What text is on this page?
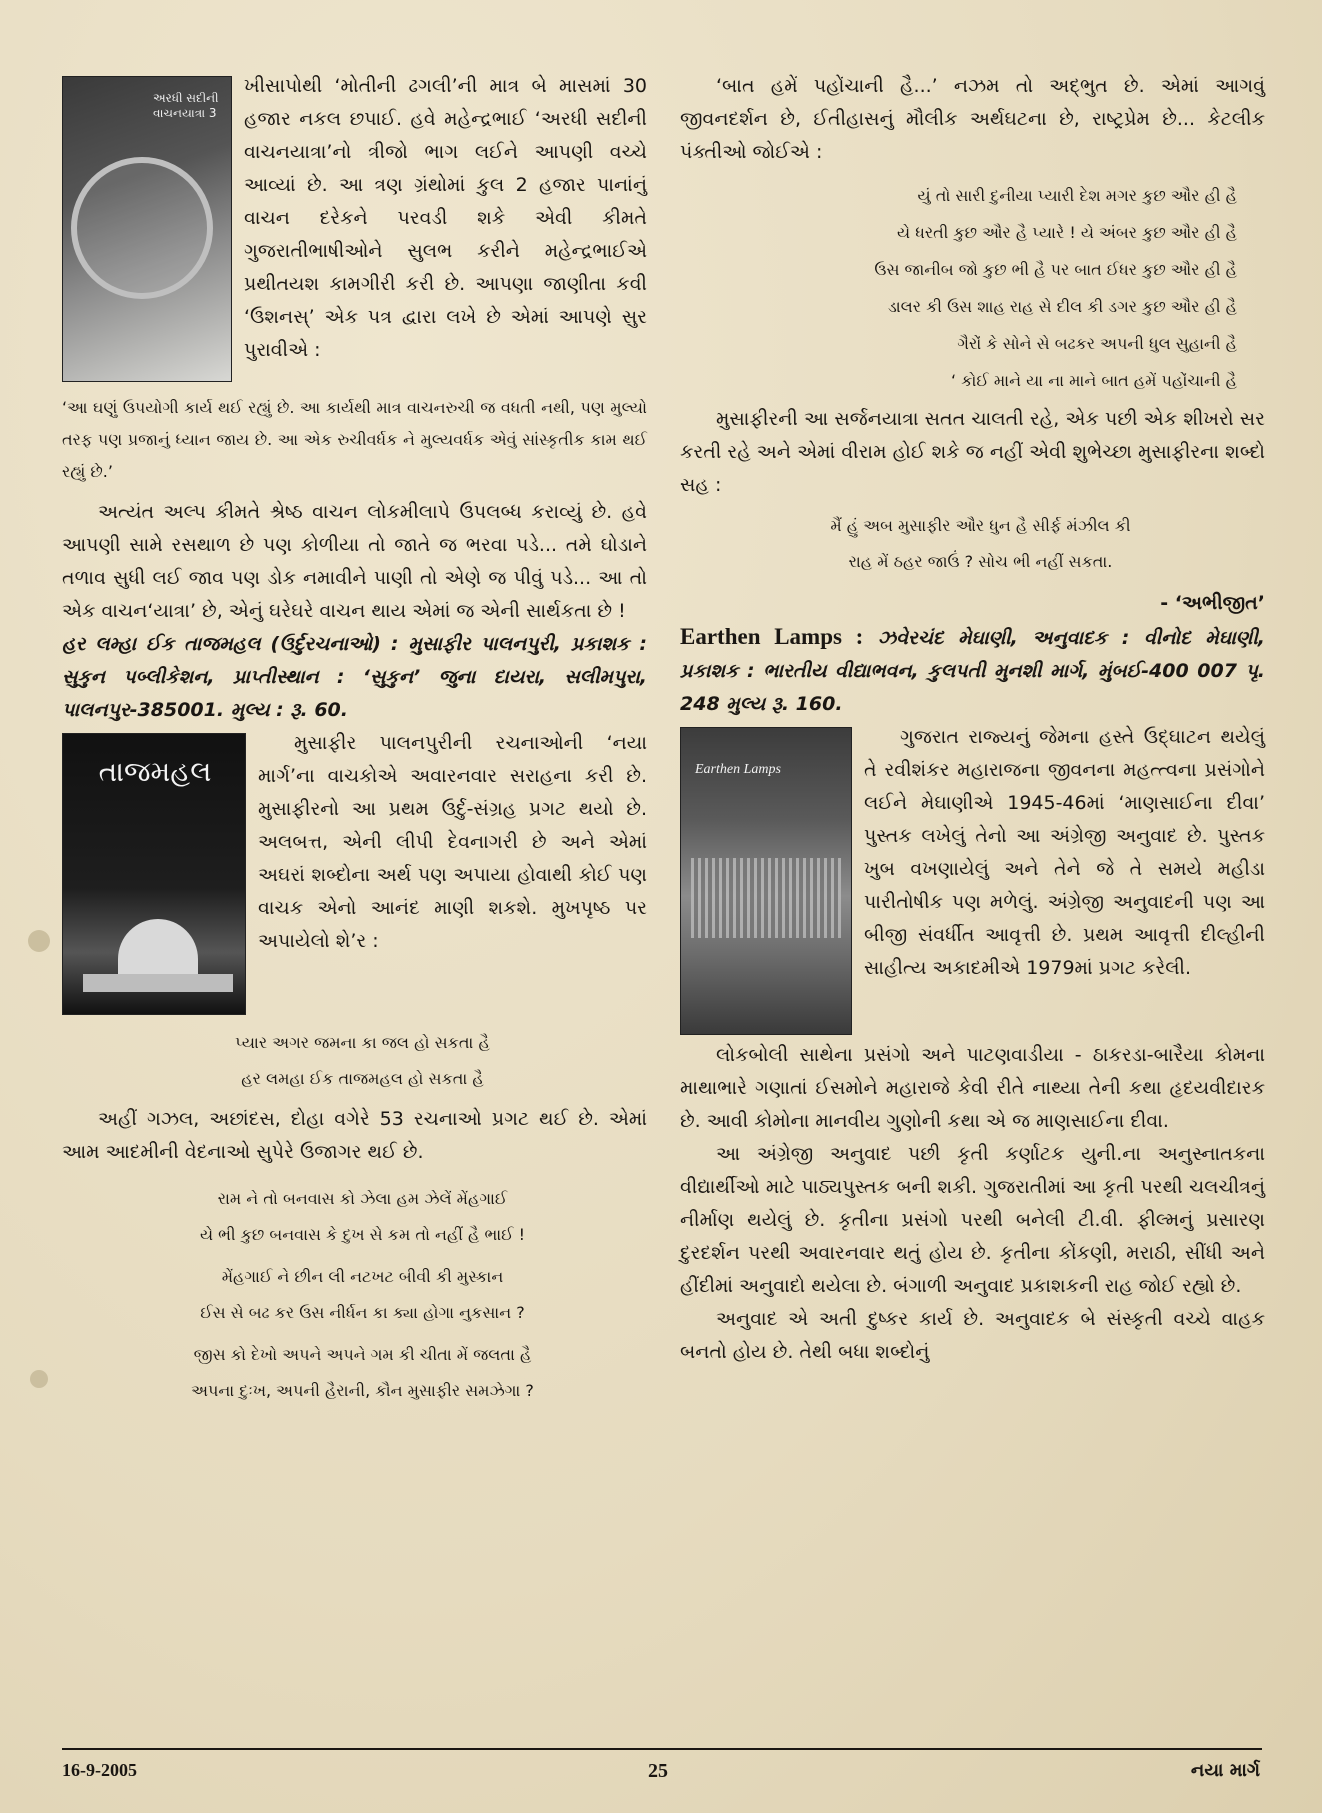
અરધી સદીની
વાચનયાત્રા 3

ખીસાપોથી ‘મોતીની ઢગલી’ની માત્ર બે માસમાં 30 હજાર નકલ છપાઈ. હવે મહેન્દ્રભાઈ ‘અરધી સદીની વાચનયાત્રા’નો ત્રીજો ભાગ લઈને આપણી વચ્ચે આવ્યાં છે. આ ત્રણ ગ્રંથોમાં કુલ 2 હજાર પાનાંનું વાચન દરેકને પરવડી શકે એવી કીમતે ગુજરાતીભાષીઓને સુલભ કરીને મહેન્દ્રભાઈએ પ્રથીતયશ કામગીરી કરી છે. આપણા જાણીતા કવી ‘ઉશનસ્’ એક પત્ર દ્વારા લખે છે એમાં આપણે સુર પુરાવીએ :

‘આ ઘણું ઉપયોગી કાર્ય થઈ રહ્યું છે. આ કાર્યથી માત્ર વાચનરુચી જ વધતી નથી, પણ મુલ્યો તરફ પણ પ્રજાનું ધ્યાન જાય છે. આ એક રુચીવર્ધક ને મુલ્યવર્ધક એવું સાંસ્કૃતીક કામ થઈ રહ્યું છે.’

અત્યંત અલ્પ કીમતે શ્રેષ્ઠ વાચન લોકમીલાપે ઉપલબ્ધ કરાવ્યું છે. હવે આપણી સામે રસથાળ છે પણ કોળીયા તો જાતે જ ભરવા પડે... તમે ઘોડાને તળાવ સુધી લઈ જાવ પણ ડોક નમાવીને પાણી તો એણે જ પીવું પડે... આ તો એક વાચન‘યાત્રા’ છે, એનું ઘરેઘરે વાચન થાય એમાં જ એની સાર્થકતા છે !

હર લમ્હા ઈક તાજમહલ (ઉર્દુરચનાઓ) : મુસાફીર પાલનપુરી, પ્રકાશક : સુકુન પબ્લીકેશન, પ્રાપ્તીસ્થાન : ‘સુકુન’ જુના દાયરા, સલીમપુરા, પાલનપુર-385001. મુલ્ય : રૂ. 60.

તાજમહલ

મુસાફીર પાલનપુરીની રચનાઓની ‘નયા માર્ગ’ના વાચકોએ અવારનવાર સરાહના કરી છે. મુસાફીરનો આ પ્રથમ ઉર્દુ-સંગ્રહ પ્રગટ થયો છે. અલબત્ત, એની લીપી દેવનાગરી છે અને એમાં અઘરાં શબ્દોના અર્થ પણ અપાયા હોવાથી કોઈ પણ વાચક એનો આનંદ માણી શકશે. મુખપૃષ્ઠ પર અપાયેલો શે’ર :

પ્યાર અગર જમના કા જલ હો સકતા હૈ
હર લમહા ઈક તાજમહલ હો સકતા હૈ

અહીં ગઝલ, અછાંદસ, દોહા વગેરે 53 રચનાઓ પ્રગટ થઈ છે. એમાં આમ આદમીની વેદનાઓ સુપેરે ઉજાગર થઈ છે.

રામ ને તો બનવાસ કો ઝેલા હમ ઝેલેં મેંહગાઈ
યે ભી કુછ બનવાસ કે દુખ સે કમ તો નહીં હૈ ભાઈ !
મેંહગાઈ ને છીન લી નટખટ બીવી કી મુસ્કાન
ઈસ સે બઢ કર ઉસ નીર્ધન કા ક્યા હોગા નુકસાન ?
જીસ કો દેખો અપને અપને ગમ કી ચીતા મેં જલતા હૈ
અપના દુઃખ, અપની હૈરાની, કૌન મુસાફીર સમઝેગા ?

‘બાત હમેં પહોંચાની હૈ...’ નઝમ તો અદ્ભુત છે. એમાં આગવું જીવનદર્શન છે, ઈતીહાસનું મૌલીક અર્થઘટના છે, રાષ્ટ્રપ્રેમ છે... કેટલીક પંક્તીઓ જોઈએ :

યું તો સારી દુનીયા પ્યારી દેશ મગર કુછ ઔર હી હૈ
યે ધરતી કુછ ઔર હૈ પ્યારે ! યે અંબર કુછ ઔર હી હૈ
ઉસ જાનીબ જો કુછ ભી હૈ પર બાત ઈધર કુછ ઔર હી હૈ
ડાલર કી ઉસ શાહ રાહ સે દીલ કી ડગર કુછ ઔર હી હૈ
ગૈરોં કે સોને સે બઢકર અપની ધુલ સુહાની હૈ
‘ કોઈ માને યા ના માને બાત હમેં પહોંચાની હૈ

મુસાફીરની આ સર્જનયાત્રા સતત ચાલતી રહે, એક પછી એક શીખરો સર કરતી રહે અને એમાં વીરામ હોઈ શકે જ નહીં એવી શુભેચ્છા મુસાફીરના શબ્દો સહ :

મૈં હું અબ મુસાફીર ઔર ધુન હૈ સીર્ફ મંઝીલ કી
રાહ મેં ઠહર જાઉં ? સોચ ભી નહીં સકતા.
- ‘અભીજીત’

Earthen Lamps : ઝવેરચંદ મેઘાણી, અનુવાદક : વીનોદ મેઘાણી, પ્રકાશક : ભારતીય વીદ્યાભવન, કુલપતી મુનશી માર્ગ, મુંબઈ-400 007 પૃ. 248 મુલ્ય રૂ. 160.

Earthen Lamps

ગુજરાત રાજ્યનું જેમના હસ્તે ઉદ્ઘાટન થયેલું તે રવીશંકર મહારાજના જીવનના મહત્ત્વના પ્રસંગોને લઈને મેઘાણીએ 1945-46માં ‘માણસાઈના દીવા’ પુસ્તક લખેલું તેનો આ અંગ્રેજી અનુવાદ છે. પુસ્તક ખુબ વખણાયેલું અને તેને જે તે સમયે મહીડા પારીતોષીક પણ મળેલું. અંગ્રેજી અનુવાદની પણ આ બીજી સંવર્ધીત આવૃત્તી છે. પ્રથમ આવૃત્તી દીલ્હીની સાહીત્ય અકાદમીએ 1979માં પ્રગટ કરેલી.

લોકબોલી સાથેના પ્રસંગો અને પાટણવાડીયા - ઠાકરડા-બારૈયા કોમના માથાભારે ગણાતાં ઈસમોને મહારાજે કેવી રીતે નાથ્યા તેની કથા હૃદયવીદારક છે. આવી કોમોના માનવીય ગુણોની કથા એ જ માણસાઈના દીવા.

આ અંગ્રેજી અનુવાદ પછી કૃતી કર્ણાટક યુની.ના અનુસ્નાતકના વીદ્યાર્થીઓ માટે પાઠ્યપુસ્તક બની શકી. ગુજરાતીમાં આ કૃતી પરથી ચલચીત્રનું નીર્માણ થયેલું છે. કૃતીના પ્રસંગો પરથી બનેલી ટી.વી. ફીલ્મનું પ્રસારણ દુરદર્શન પરથી અવારનવાર થતું હોય છે. કૃતીના કોંકણી, મરાઠી, સીંધી અને હીંદીમાં અનુવાદો થયેલા છે. બંગાળી અનુવાદ પ્રકાશકની રાહ જોઈ રહ્યો છે.

અનુવાદ એ અતી દુષ્કર કાર્ય છે. અનુવાદક બે સંસ્કૃતી વચ્ચે વાહક બનતો હોય છે. તેથી બધા શબ્દોનું

16-9-2005	25	નયા માર્ગ
